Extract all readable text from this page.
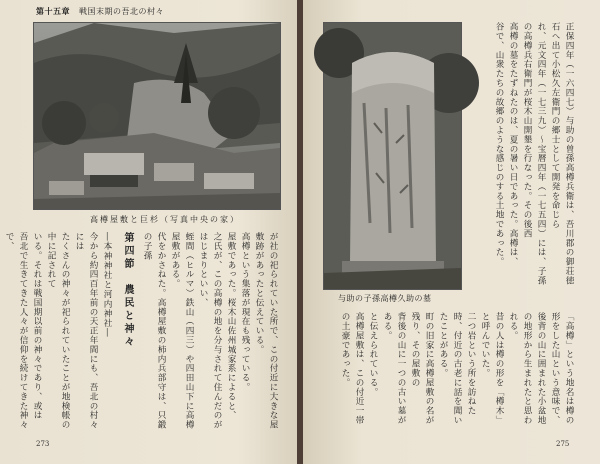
第十五章 戦国末期の吾北の村々
高樽屋敷と巨杉（写真中央の家）

が社の祀られていた所で、この付近に大きな屋敷跡があったと伝えている。

高樽という集落が現在も残っている。

屋敷であった。桜木山佐州城家系によると、

之氏が、この高樽の地を分与されて住んだのがはじまりといい、

蛭間（ヒルマ）鉄山（四三）や四田山下に高樽屋敷がある。

代をかさねた。高樽屋敷の柿内兵部守は、只鍛の子孫

第四節　農民と神々

―本神神社と河内神社―

今から約四百年前の天正年間にも、吾北の村々には

たくさんの神々が祀られていたことが地検帳の中に記されて

いる。それは戦国期以前の神々であり、或は

吾北で生きてきた人々が信仰を続けてきた神々で、

273
与助の子孫高樽久助の墓

正保四年（一六四七）与助の曽孫高樽兵衛は、吾川郡の御荘徳石へ出て小松久左衛門の郷士として開発を命じら

れ、元文四年（一七三九）〜宝暦四年（一七五四）には、子孫の高樽兵右衛門が桜木山開墾を行なった。その後西

高樽の墓をたずねたのは、夏の暑い日であった。高樽は、

谷で、山衆たちの故郷のような感じのする土地であった。

「高樽」という地名は樽の形をした山という意味で、

後背の山に囲まれた小盆地の地形から生まれたと思われる。

昔の人は樽の形を「樽木」と呼んでいた。

二つ岩という所を訪ねた時、付近の古老に話を聞いたことがある。

町の旧家に高樽屋敷の名が残り、その屋敷の

背後の山に一つの古い墓がある。

と伝えられている。

高樽屋敷は、この付近一帯の土豪であった。

275
